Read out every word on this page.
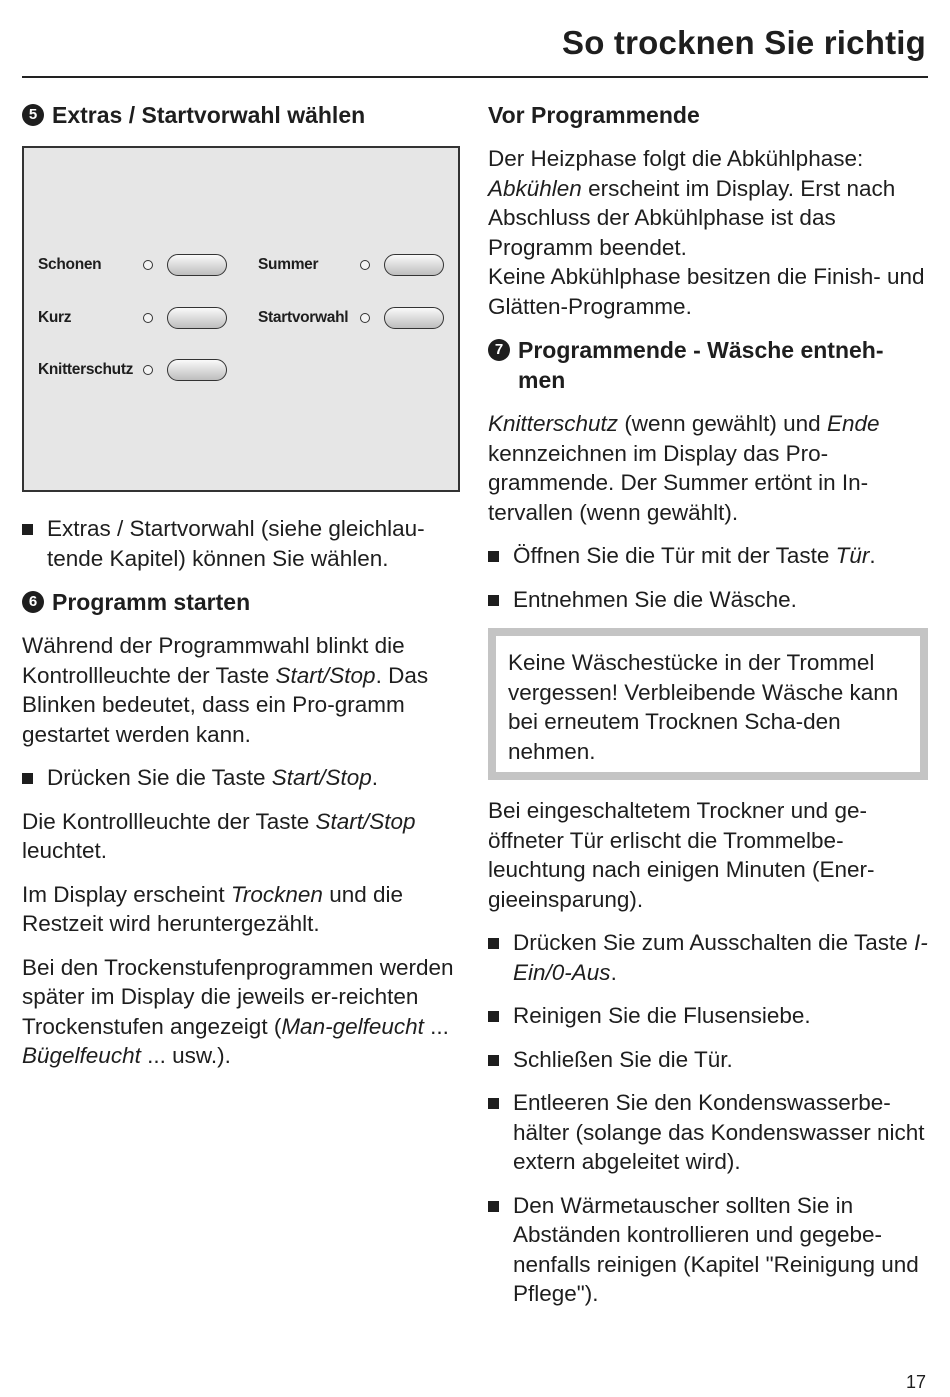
So trocknen Sie richtig
5 Extras / Startvorwahl wählen
Schonen	Summer
Kurz	Startvorwahl
Knitterschutz
Extras / Startvorwahl (siehe gleichlau-tende Kapitel) können Sie wählen.
6 Programm starten

Während der Programmwahl blinkt die Kontrollleuchte der Taste Start/Stop. Das Blinken bedeutet, dass ein Pro-gramm gestartet werden kann.

Drücken Sie die Taste Start/Stop.

Die Kontrollleuchte der Taste Start/Stop leuchtet.

Im Display erscheint Trocknen und die Restzeit wird heruntergezählt.

Bei den Trockenstufenprogrammen werden später im Display die jeweils er-reichten Trockenstufen angezeigt (Man-gelfeucht ... Bügelfeucht ... usw.).

Vor Programmende

Der Heizphase folgt die Abkühlphase: Abkühlen erscheint im Display. Erst nach Abschluss der Abkühlphase ist das Programm beendet.
Keine Abkühlphase besitzen die Finish- und Glätten-Programme.

7 Programmende - Wäsche entneh-men

Knitterschutz (wenn gewählt) und Ende kennzeichnen im Display das Pro-grammende. Der Summer ertönt in In-tervallen (wenn gewählt).

Öffnen Sie die Tür mit der Taste Tür.
Entnehmen Sie die Wäsche.
Keine Wäschestücke in der Trommel vergessen! Verbleibende Wäsche kann bei erneutem Trocknen Scha-den nehmen.

Bei eingeschaltetem Trockner und ge-öffneter Tür erlischt die Trommelbe-leuchtung nach einigen Minuten (Ener-gieeinsparung).

Drücken Sie zum Ausschalten die Taste I-Ein/0-Aus.
Reinigen Sie die Flusensiebe.
Schließen Sie die Tür.
Entleeren Sie den Kondenswasserbe-hälter (solange das Kondenswasser nicht extern abgeleitet wird).
Den Wärmetauscher sollten Sie in Abständen kontrollieren und gegebe-nenfalls reinigen (Kapitel "Reinigung und Pflege").
17
